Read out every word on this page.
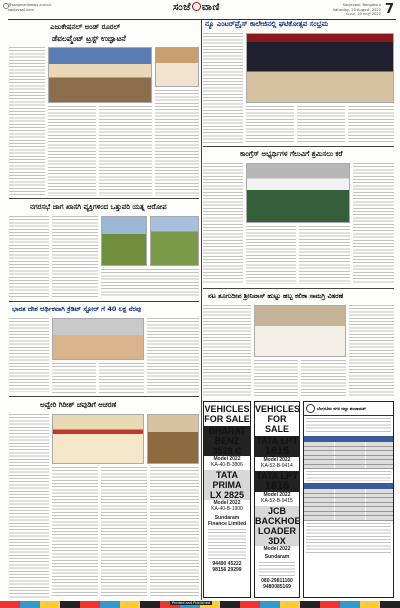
@sanjevaninews ಸಂಜೆವಾಣಿ
sanjevani.com	ಸಂಜೆ ವಾಣಿ	Sanjevani, Bengaluru
Saturday, 20 August, 2022
ಶನಿವಾರ, 20 ಆಗಸ್ಟ್ 2022 7
ಎಜುಕೇಷನಲ್ ಅಂಡ್ ರೂರಲ್
ಡೆವಲಪ್ಮೆಂಟ್ ಟ್ರಸ್ಟ್ ಉದ್ಘಾಟನೆ
ನ್ಯೂ ಎಂಟರ್‌ಪ್ರೈಸ್ ಕಾಲೇಜಿನಲ್ಲಿ ಘಟಿಕೋತ್ಸವ ಸಂಭ್ರಮ
ಕಾಂಗ್ರೆಸ್ ಅಭ್ಯರ್ಥಿಗಳ ಗೆಲುವಿಗೆ ಶ್ರಮಿಸಲು ಕರೆ
ನಗರಸಭೆ ಜಾಗ ಖಾಸಗಿ ವ್ಯಕ್ತಿಗಳಿಂದ ಒತ್ತುವರಿ ಯತ್ನ ಆರೋಪ
ಭಾರತ ದೇಶ ಆರ್ಥಿಕವಾಗಿ ಕ್ರೆಡಿಟ್ ಸ್ಟೋರ್ ಗೆ 40 ಲಕ್ಷ ನೆರವು
ಅವ್ವೇರಿ ಗಿರೀಶ್ ಚವುಡಿಗೆ ಆಚರಣೆ
ನಟ ತೂಗುದೀಪ ಶ್ರೀನಿವಾಸ್ ಹುಟ್ಟು ಹಬ್ಬ ಕಲಿಕಾ ಸಾಮಗ್ರಿ ವಿತರಣೆ
VEHICLES
FOR SALE
BHARAT
BENZ
3528 C
Model 2022
KA-40-B-3806
TATA
PRIMA
LX 2825
Model 2022
KA-40-B-1900
Sundaram
Finance Limited
94490 45222
98156 29299
VEHICLES
FOR SALE
TATA LPT
1816
Model 2022
KA-52-B-9414
TATA LPT
1816
Model 2022
KA-52-B-9415
JCB
BACKHOE
LOADER
3DX
Model 2022
Sundaram
080-29811160
9480085169
ಬೆಂಗಳೂರು ನಗರ ಜಿಲ್ಲಾ ಪಂಚಾಯತ್

Printed and Published
